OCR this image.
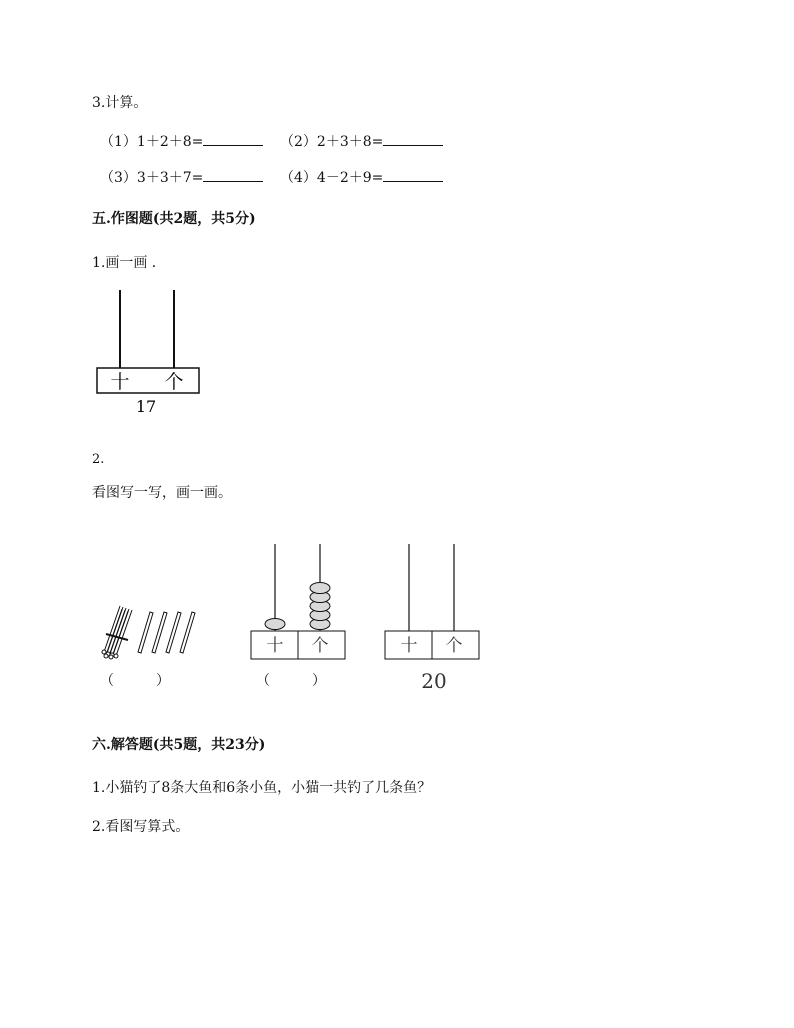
3.计算。
（1）1＋2＋8=	（2）2＋3＋8=
（3）3＋3＋7=	（4）4－2＋9=
五.作图题(共2题，共5分)
1.画一画 ．
十 个
17
2.
看图写一写，画一画。
（　　　）
十 个
（　　　）
十 个
20
六.解答题(共5题，共23分)
1.小猫钓了8条大鱼和6条小鱼，小猫一共钓了几条鱼？
2.看图写算式。
